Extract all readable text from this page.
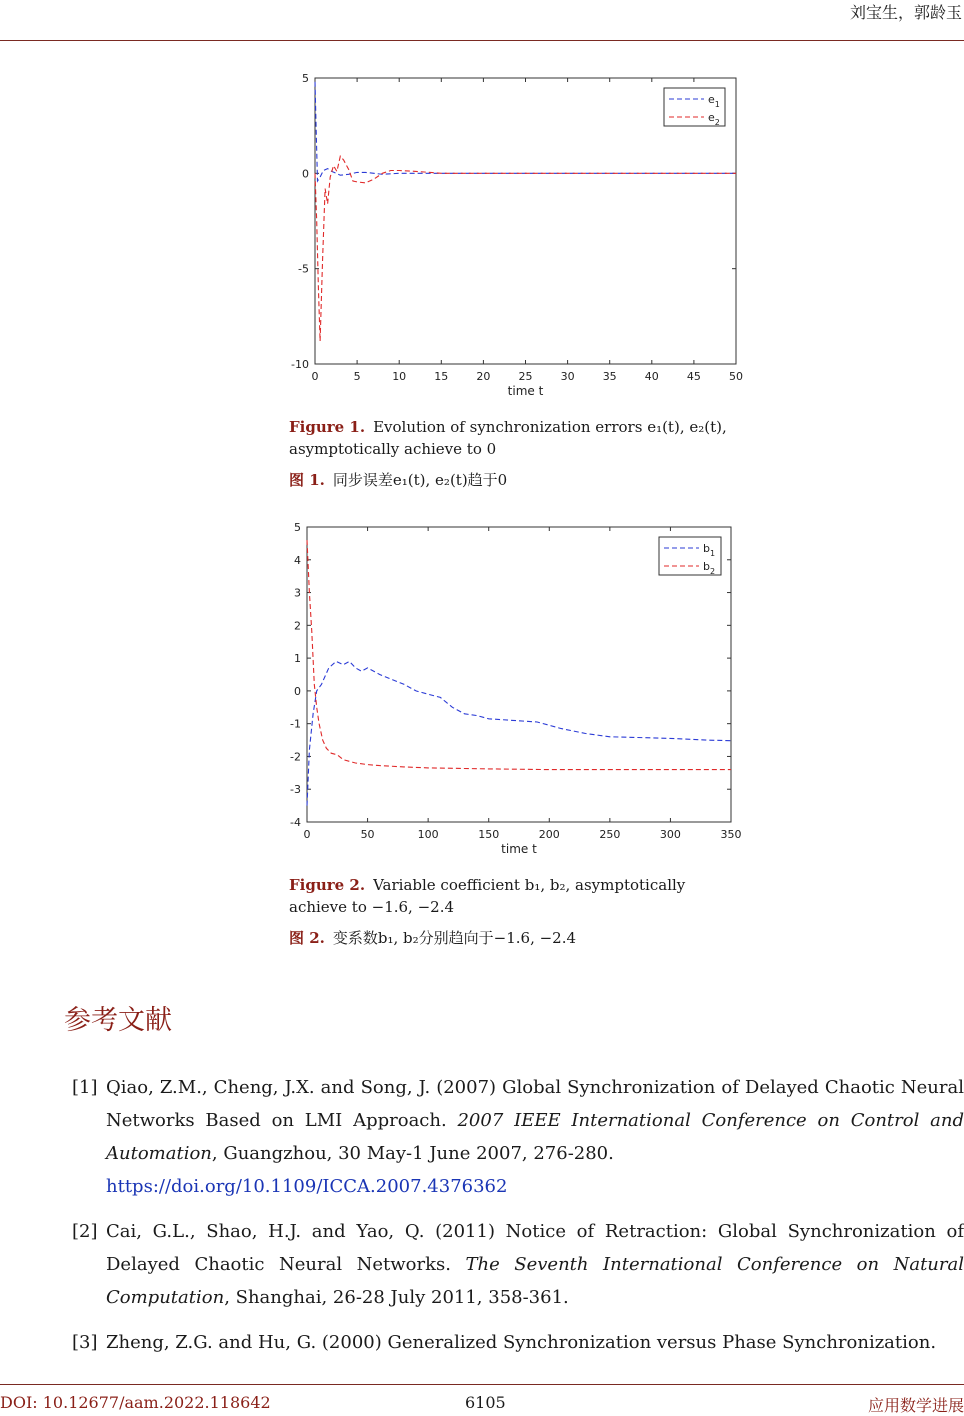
刘宝生，郭龄玉
0	5	10	15	20	25	30	35	40	45	50
5
0
-5
-10
time t
$e_1$
$e_2$
Figure 1. Evolution of synchronization errors e₁(t), e₂(t), asymptotically achieve to 0
图 1. 同步误差e₁(t), e₂(t)趋于0
0	50	100	150	200	250	300	350
5
4
3
2
1
0
-1
-2
-3
-4
time t
$b_1$
$b_2$
Figure 2. Variable coefficient b₁, b₂, asymptotically achieve to −1.6, −2.4
图 2. 变系数b₁, b₂分别趋向于−1.6, −2.4
参考文献
[1] Qiao, Z.M., Cheng, J.X. and Song, J. (2007) Global Synchronization of Delayed Chaotic Neural Networks Based on LMI Approach. 2007 IEEE International Conference on Control and Automation, Guangzhou, 30 May-1 June 2007, 276-280.
https://doi.org/10.1109/ICCA.2007.4376362
[2] Cai, G.L., Shao, H.J. and Yao, Q. (2011) Notice of Retraction: Global Synchronization of Delayed Chaotic Neural Networks. The Seventh International Conference on Natural Computation, Shanghai, 26-28 July 2011, 358-361.
[3] Zheng, Z.G. and Hu, G. (2000) Generalized Synchronization versus Phase Synchronization.
DOI: 10.12677/aam.2022.118642	6105	应用数学进展
